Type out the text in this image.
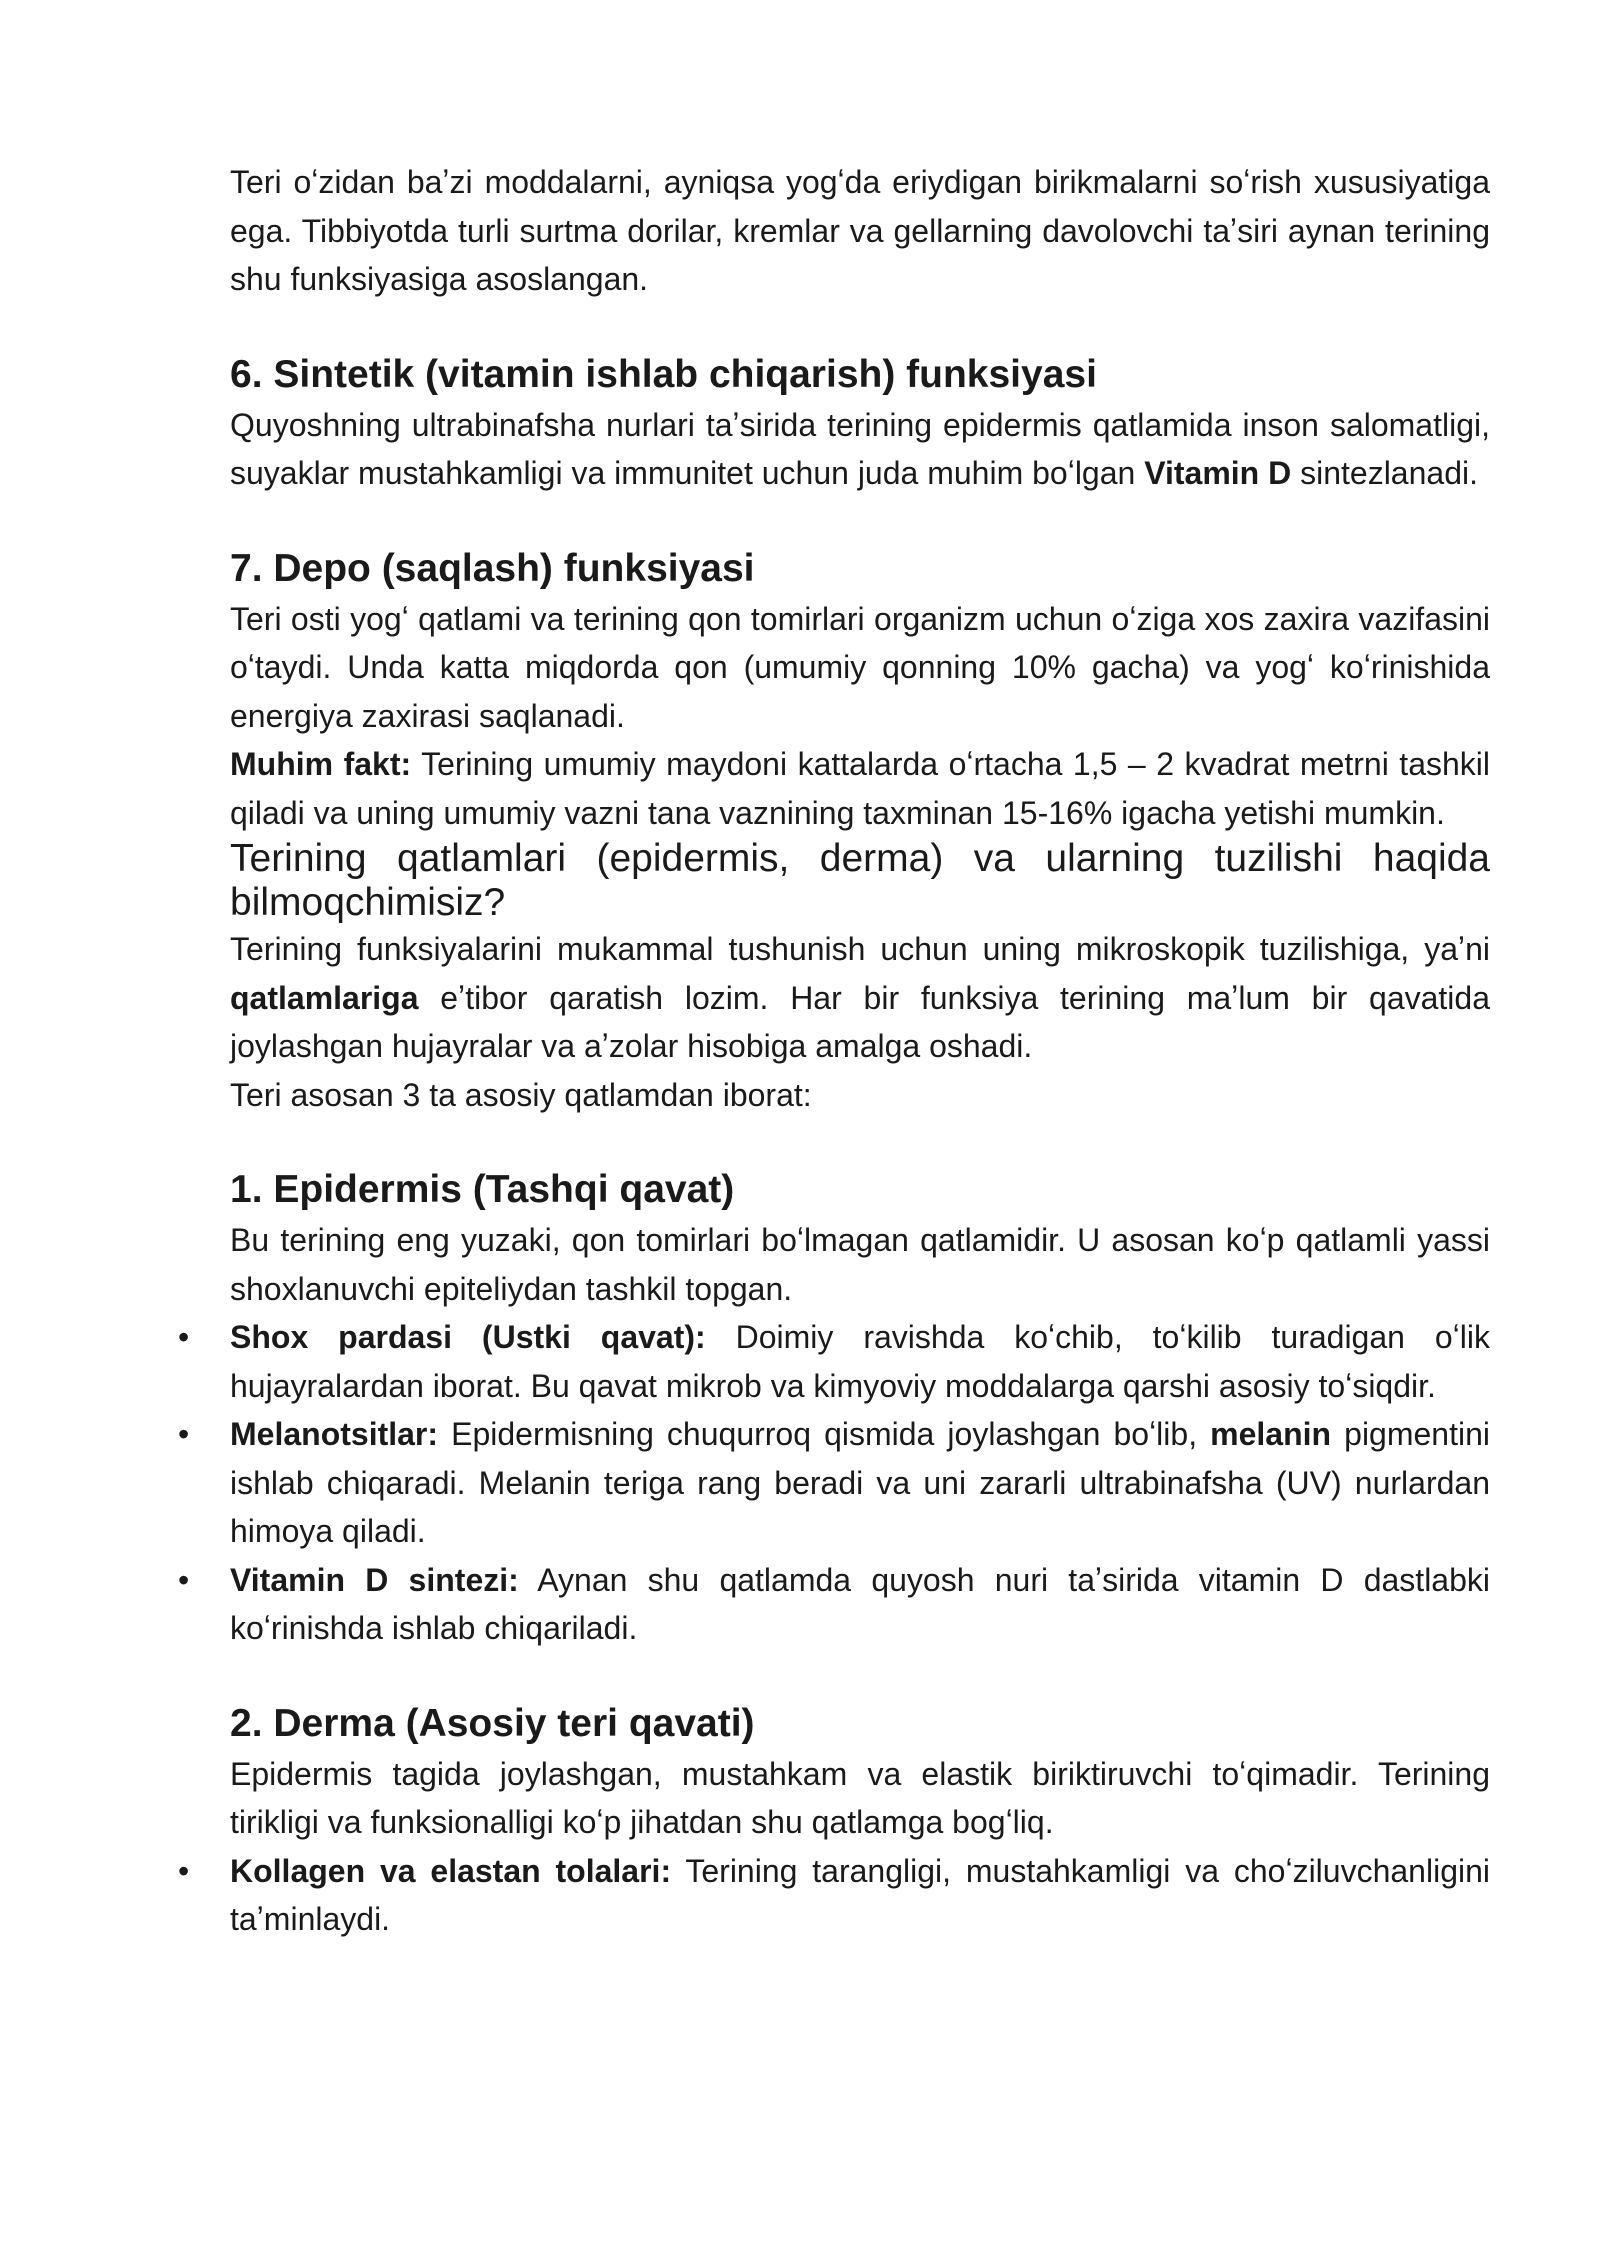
Teri oʻzidan baʼzi moddalarni, ayniqsa yogʻda eriydigan birikmalarni soʻrish xususiyatiga ega. Tibbiyotda turli surtma dorilar, kremlar va gellarning davolovchi taʼsiri aynan terining shu funksiyasiga asoslangan.

6. Sintetik (vitamin ishlab chiqarish) funksiyasi

Quyoshning ultrabinafsha nurlari taʼsirida terining epidermis qatlamida inson salomatligi, suyaklar mustahkamligi va immunitet uchun juda muhim boʻlgan Vitamin D sintezlanadi.

7. Depo (saqlash) funksiyasi

Teri osti yogʻ qatlami va terining qon tomirlari organizm uchun oʻziga xos zaxira vazifasini oʻtaydi. Unda katta miqdorda qon (umumiy qonning 10% gacha) va yogʻ koʻrinishida energiya zaxirasi saqlanadi.

Muhim fakt: Terining umumiy maydoni kattalarda oʻrtacha 1,5 – 2 kvadrat metrni tashkil qiladi va uning umumiy vazni tana vaznining taxminan 15-16% igacha yetishi mumkin.

Terining qatlamlari (epidermis, derma) va ularning tuzilishi haqida bilmoqchimisiz?

Terining funksiyalarini mukammal tushunish uchun uning mikroskopik tuzilishiga, yaʼni qatlamlariga eʼtibor qaratish lozim. Har bir funksiya terining maʼlum bir qavatida joylashgan hujayralar va aʼzolar hisobiga amalga oshadi.

Teri asosan 3 ta asosiy qatlamdan iborat:

1. Epidermis (Tashqi qavat)

Bu terining eng yuzaki, qon tomirlari boʻlmagan qatlamidir. U asosan koʻp qatlamli yassi shoxlanuvchi epiteliydan tashkil topgan.

• Shox pardasi (Ustki qavat): Doimiy ravishda koʻchib, toʻkilib turadigan oʻlik hujayralardan iborat. Bu qavat mikrob va kimyoviy moddalarga qarshi asosiy toʻsiqdir.
• Melanotsitlar: Epidermisning chuqurroq qismida joylashgan boʻlib, melanin pigmentini ishlab chiqaradi. Melanin teriga rang beradi va uni zararli ultrabinafsha (UV) nurlardan himoya qiladi.
• Vitamin D sintezi: Aynan shu qatlamda quyosh nuri taʼsirida vitamin D dastlabki koʻrinishda ishlab chiqariladi.
2. Derma (Asosiy teri qavati)

Epidermis tagida joylashgan, mustahkam va elastik biriktiruvchi toʻqimadir. Terining tirikligi va funksionalligi koʻp jihatdan shu qatlamga bogʻliq.

• Kollagen va elastan tolalari: Terining tarangligi, mustahkamligi va choʻziluvchanligini taʼminlaydi.
